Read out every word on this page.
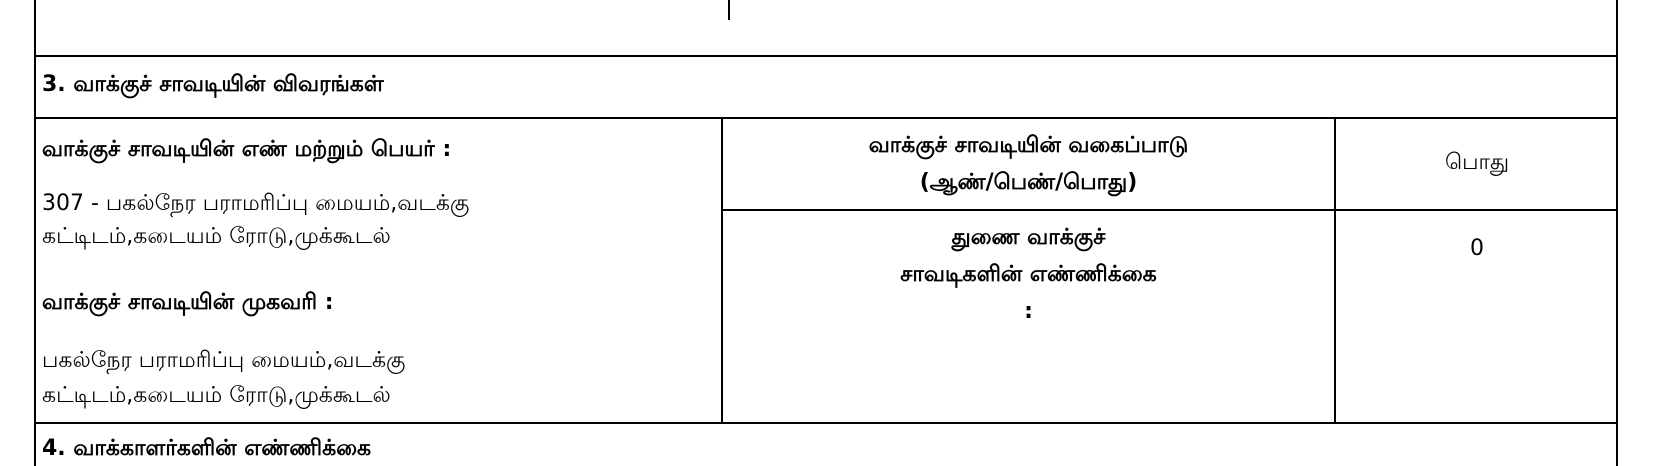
3. வாக்குச் சாவடியின் விவரங்கள்
வாக்குச் சாவடியின் எண் மற்றும் பெயர் :
307 - பகல்நேர பராமரிப்பு மையம்,வடக்கு
கட்டிடம்,கடையம் ரோடு,முக்கூடல்
வாக்குச் சாவடியின் முகவரி :
பகல்நேர பராமரிப்பு மையம்,வடக்கு
கட்டிடம்,கடையம் ரோடு,முக்கூடல்
வாக்குச் சாவடியின் வகைப்பாடு
(ஆண்/பெண்/பொது)
துணை வாக்குச்
சாவடிகளின் எண்ணிக்கை
:
பொது
0
4. வாக்காளர்களின் எண்ணிக்கை
